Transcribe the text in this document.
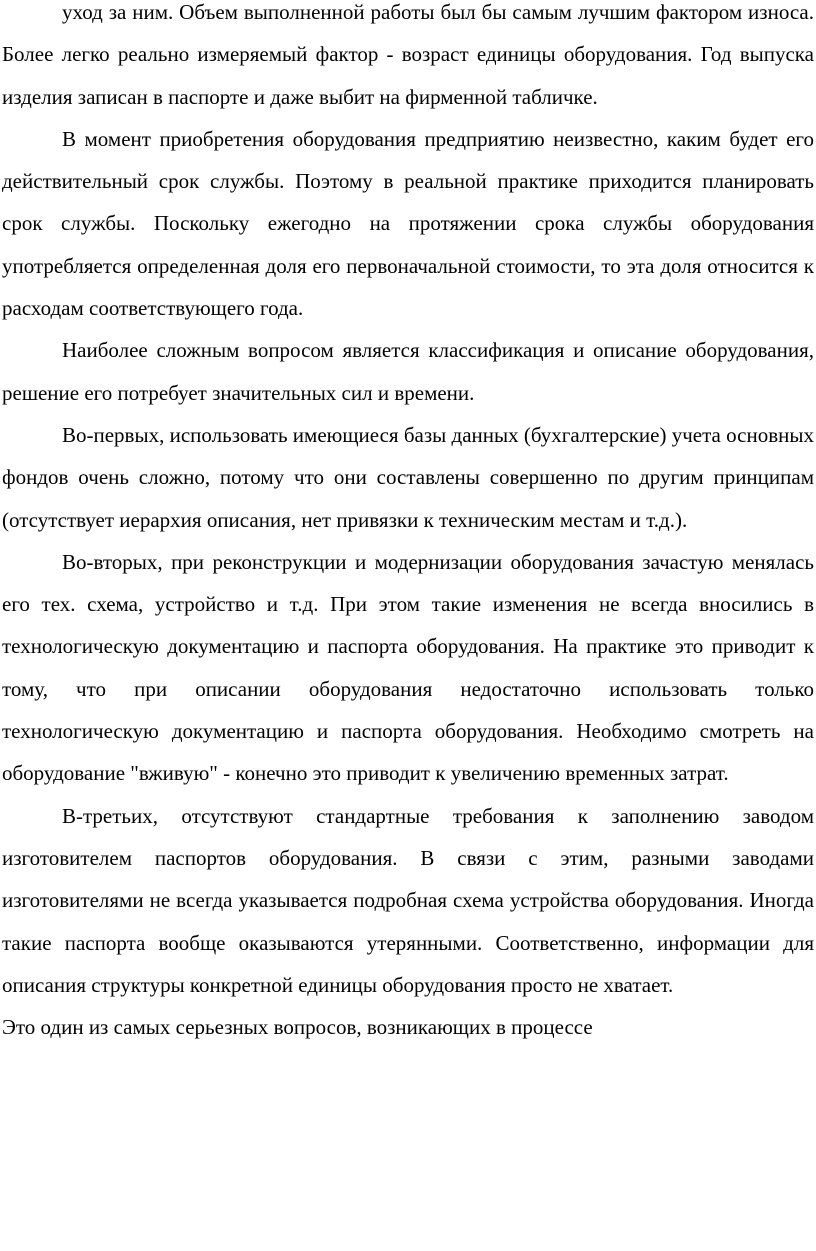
уход за ним. Объем выполненной работы был бы самым лучшим фактором износа. Более легко реально измеряемый фактор - возраст единицы оборудования. Год выпуска изделия записан в паспорте и даже выбит на фирменной табличке.

В момент приобретения оборудования предприятию неизвестно, каким будет его действительный срок службы. Поэтому в реальной практике приходится планировать срок службы. Поскольку ежегодно на протяжении срока службы оборудования употребляется определенная доля его первоначальной стоимости, то эта доля относится к расходам соответствующего года.

Наиболее сложным вопросом является классификация и описание оборудования, решение его потребует значительных сил и времени.

Во-первых, использовать имеющиеся базы данных (бухгалтерские) учета основных фондов очень сложно, потому что они составлены совершенно по другим принципам (отсутствует иерархия описания, нет привязки к техническим местам и т.д.).

Во-вторых, при реконструкции и модернизации оборудования зачастую менялась его тех. схема, устройство и т.д. При этом такие изменения не всегда вносились в технологическую документацию и паспорта оборудования. На практике это приводит к тому, что при описании оборудования недостаточно использовать только технологическую документацию и паспорта оборудования. Необходимо смотреть на оборудование "вживую" - конечно это приводит к увеличению временных затрат.

В-третьих, отсутствуют стандартные требования к заполнению заводом изготовителем паспортов оборудования. В связи с этим, разными заводами изготовителями не всегда указывается подробная схема устройства оборудования. Иногда такие паспорта вообще оказываются утерянными. Соответственно, информации для описания структуры конкретной единицы оборудования просто не хватает.

Это один из самых серьезных вопросов, возникающих в процессе
